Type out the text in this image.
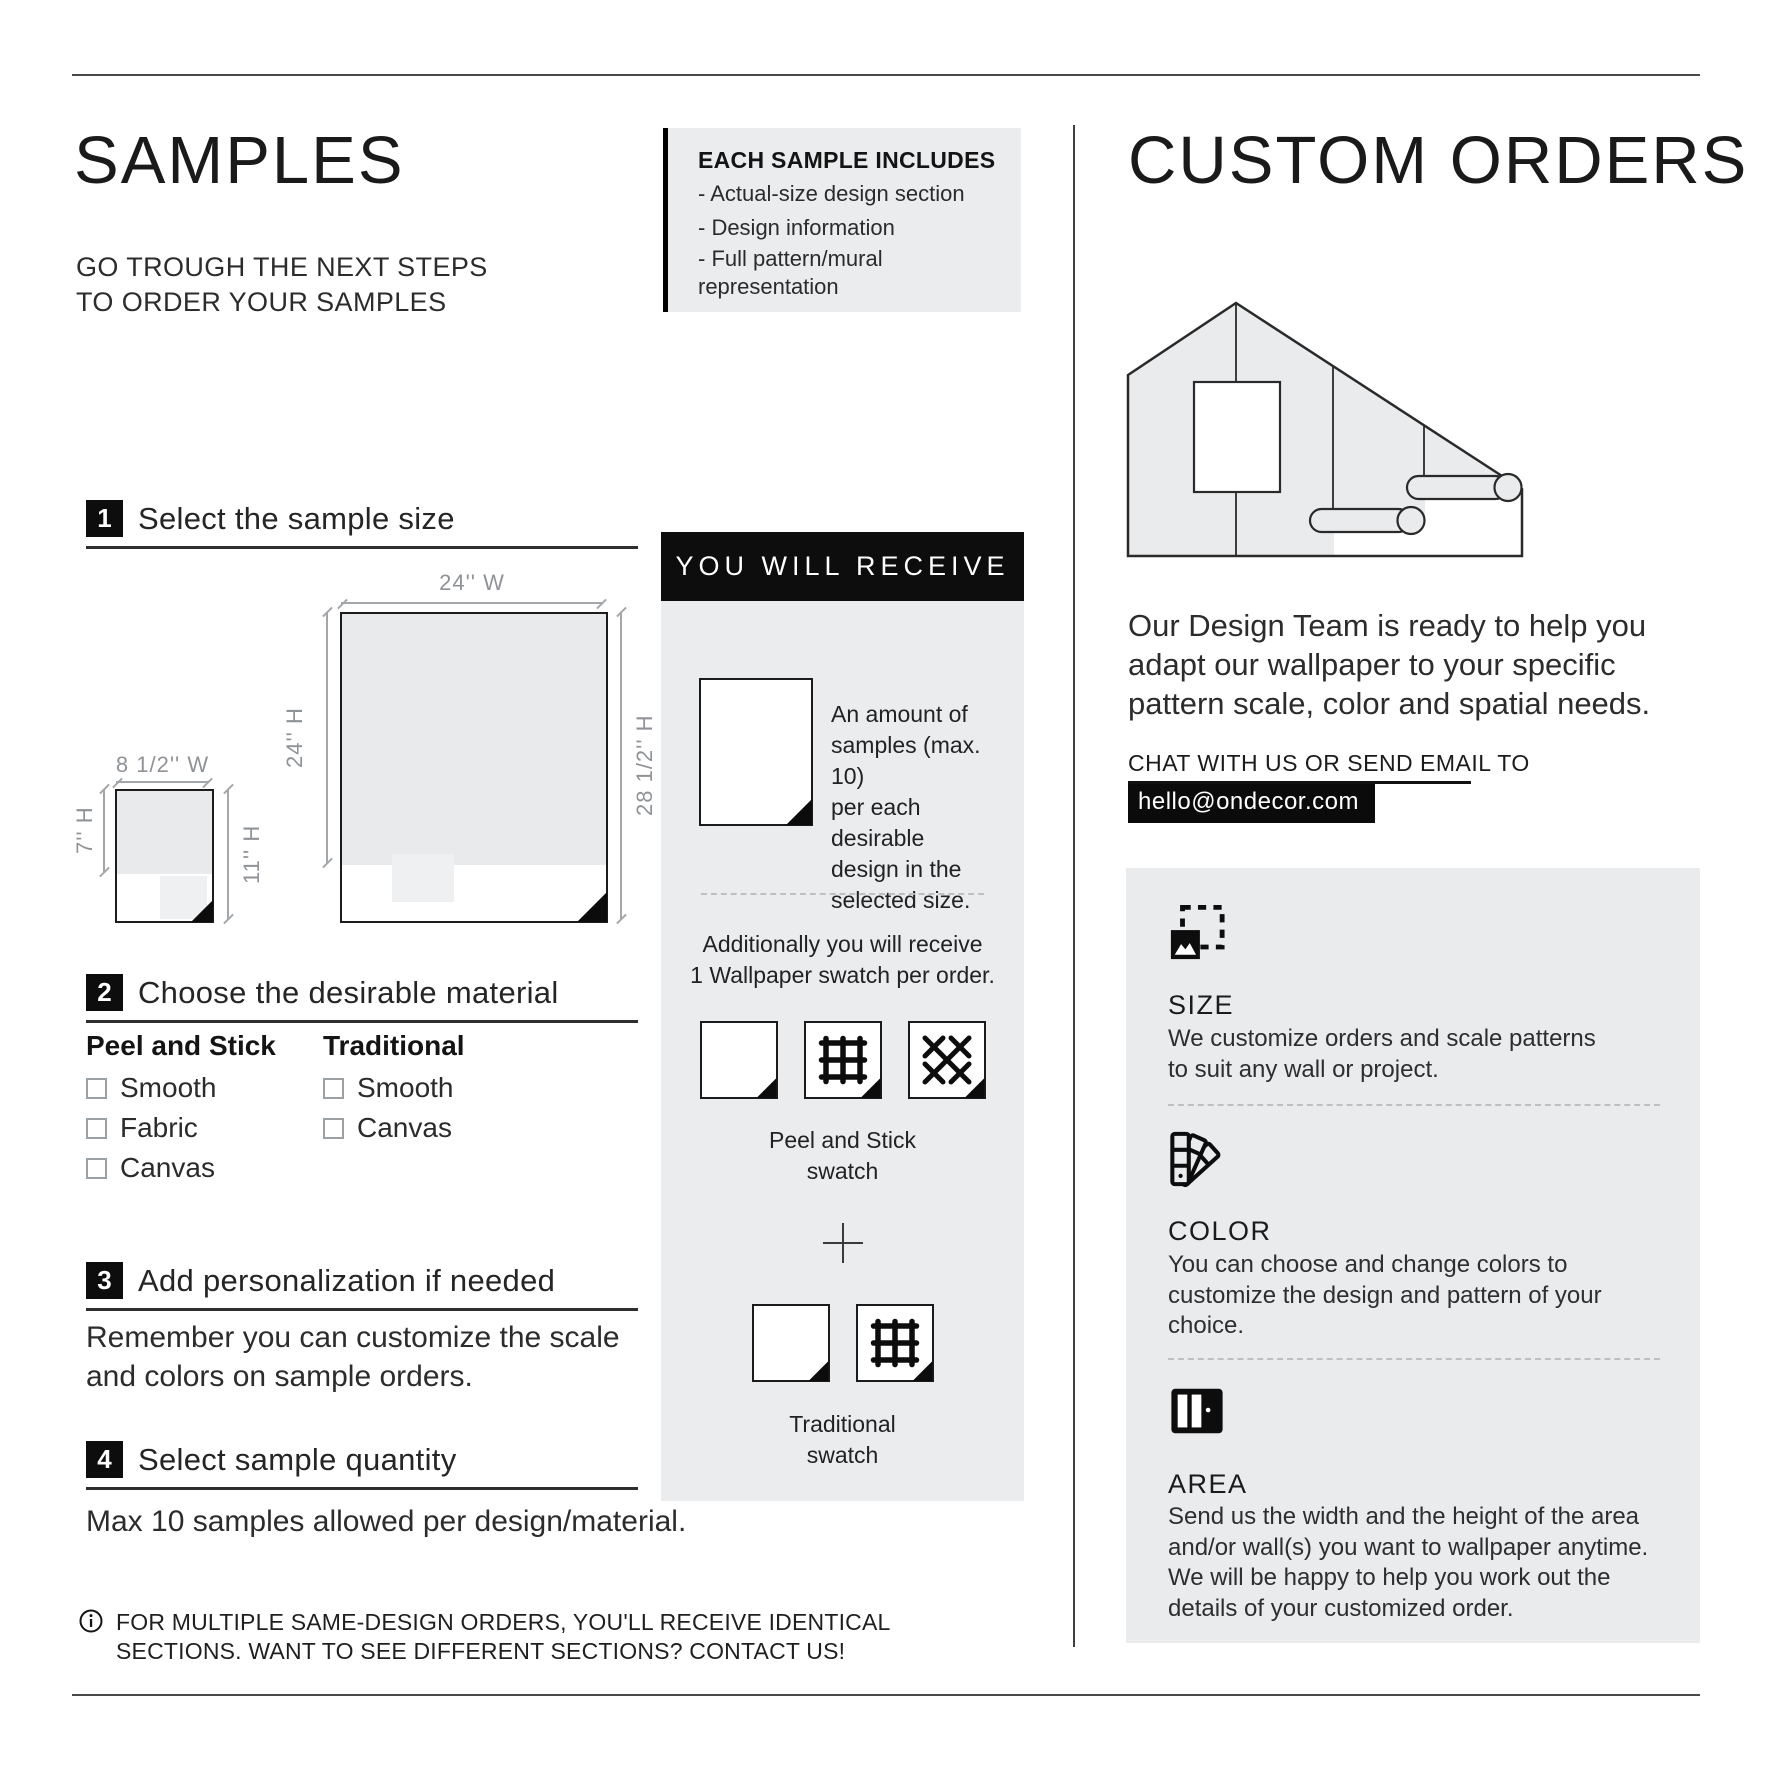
SAMPLES
GO TROUGH THE NEXT STEPS
TO ORDER YOUR SAMPLES
EACH SAMPLE INCLUDES
- Actual-size design section
- Design information
- Full pattern/mural
representation
1 Select the sample size
24'' W
24'' H	28 1/2'' H
8 1/2'' W
7'' H	11'' H
2 Choose the desirable material
Peel and Stick Traditional
Smooth
Fabric
Canvas
Smooth
Canvas
3 Add personalization if needed
Remember you can customize the scale
and colors on sample orders.
4 Select sample quantity
Max 10 samples allowed per design/material.
FOR MULTIPLE SAME-DESIGN ORDERS, YOU'LL RECEIVE IDENTICAL
SECTIONS. WANT TO SEE DIFFERENT SECTIONS? CONTACT US!
YOU WILL RECEIVE
An amount of
samples (max. 10)
per each desirable
design in the
selected size.
Additionally you will receive
1 Wallpaper swatch per order.
Peel and Stick
swatch
Traditional
swatch
CUSTOM ORDERS
Our Design Team is ready to help you
adapt our wallpaper to your specific
pattern scale, color and spatial needs.
CHAT WITH US OR SEND EMAIL TO
hello@ondecor.com
SIZE
We customize orders and scale patterns
to suit any wall or project.
COLOR
You can choose and change colors to
customize the design and pattern of your
choice.
AREA
Send us the width and the height of the area
and/or wall(s) you want to wallpaper anytime.
We will be happy to help you work out the
details of your customized order.
